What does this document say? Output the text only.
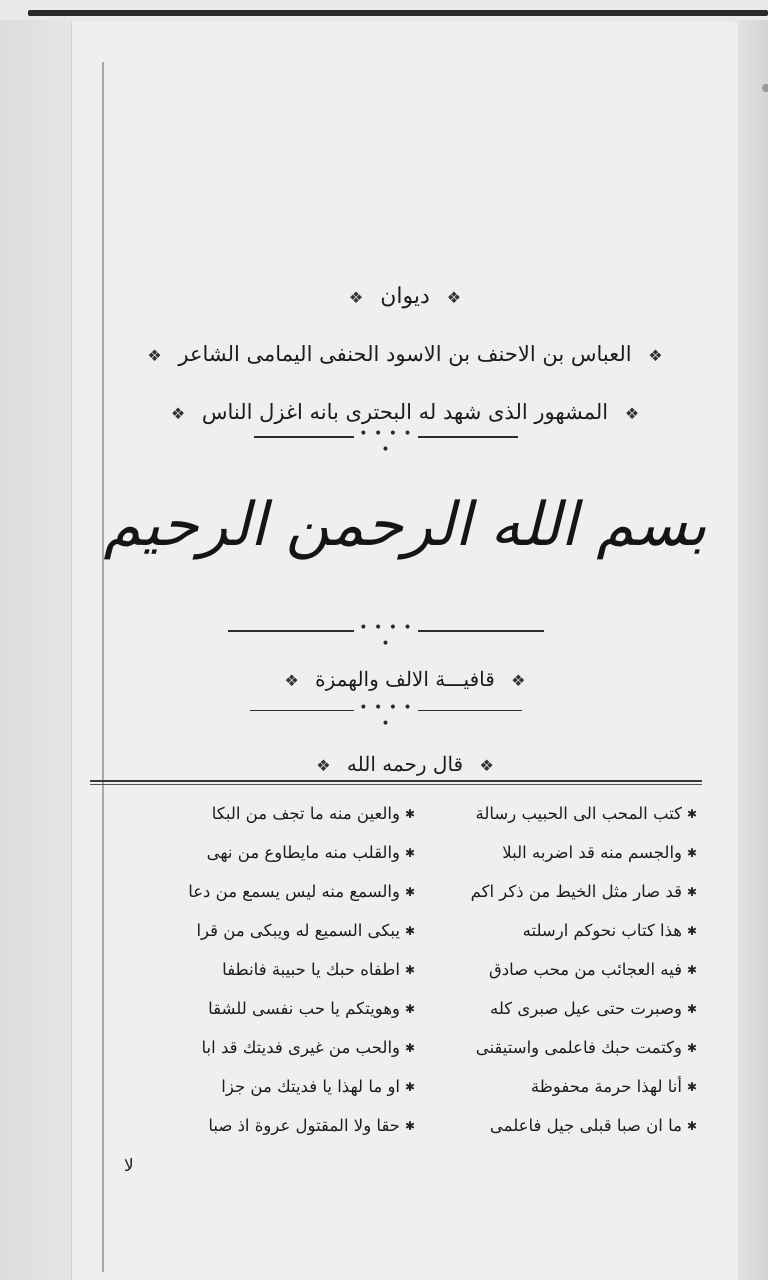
❖ ديوان ❖
❖ العباس بن الاحنف بن الاسود الحنفى اليمامى الشاعر ❖
❖ المشهور الذى شهد له البحترى بانه اغزل الناس ❖
• • • • •
بسم الله الرحمن الرحيم
• • • • •
❖ قافيـــة الالف والهمزة ❖
• • • • •
❖ قال رحمه الله ❖
✱
كتب المحب الى الحبيب رسالة
✱
والعين منه ما تجف من البكا
✱
والجسم منه قد اضربه البلا
✱
والقلب منه مايطاوع من نهى
✱
قد صار مثل الخيط من ذكر اكم
✱
والسمع منه ليس يسمع من دعا
✱
هذا كتاب نحوكم ارسلته
✱
يبكى السميع له ويبكى من قرا
✱
فيه العجائب من محب صادق
✱
اطفاه حبك يا حبيبة فانطفا
✱
وصبرت حتى عيل صبرى كله
✱
وهويتكم يا حب نفسى للشقا
✱
وكتمت حبك فاعلمى واستيقنى
✱
والحب من غيرى فديتك قد ابا
✱
أنا لهذا حرمة محفوظة
✱
او ما لهذا يا فديتك من جزا
✱
ما ان صبا قبلى جيل فاعلمى
✱
حقا ولا المقتول عروة اذ صبا
لا
